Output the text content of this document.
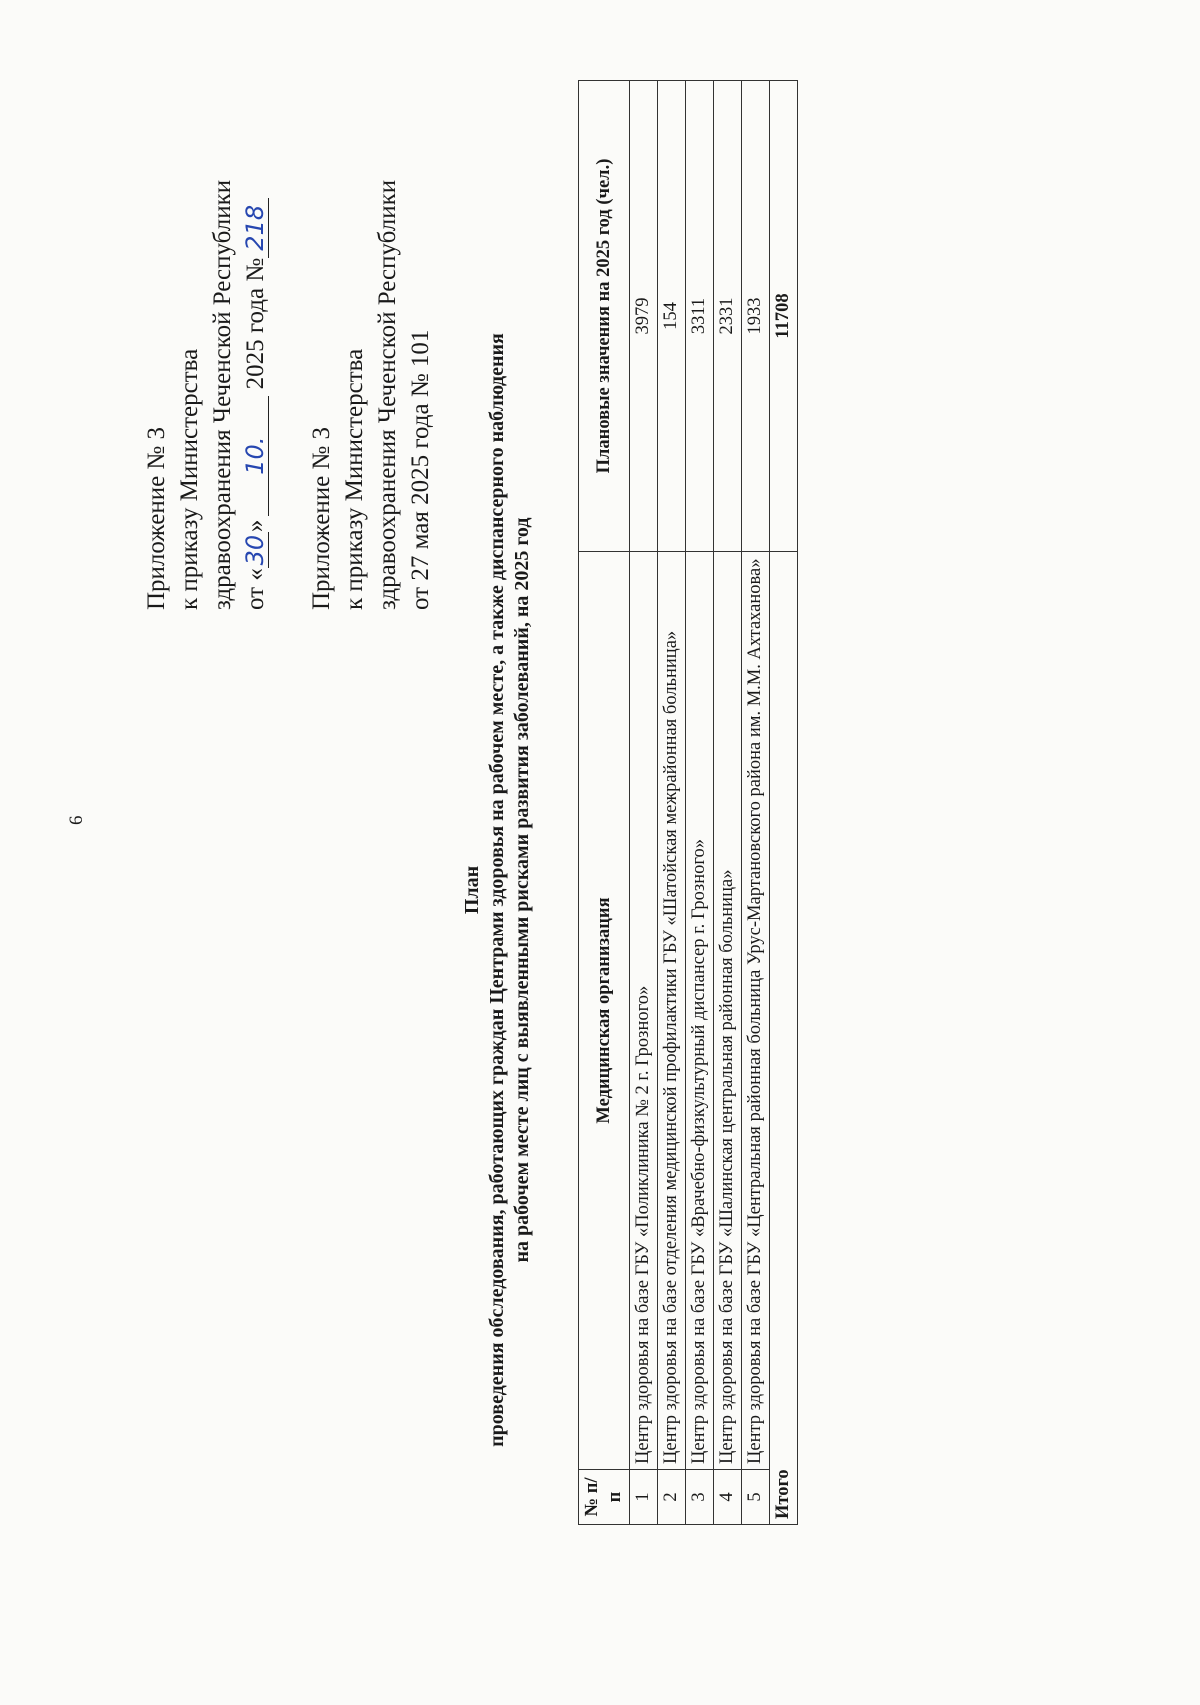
6

Приложение № 3 к приказу Министерства здравоохранения Чеченской Республики от «30»10. 2025 года №218

Приложение № 3 к приказу Министерства здравоохранения Чеченской Республики от 27 мая 2025 года № 101

План проведения обследования, работающих граждан Центрами здоровья на рабочем месте, а также диспансерного наблюдения на рабочем месте лиц с выявленными рисками развития заболеваний, на 2025 год

№ п/п	Медицинская организация	Плановые значения на 2025 год (чел.)
1	Центр здоровья на базе ГБУ «Поликлиника № 2 г. Грозного»	3979
2	Центр здоровья на базе отделения медицинской профилактики ГБУ «Шатойская межрайонная больница»	154
3	Центр здоровья на базе ГБУ «Врачебно-физкультурный диспансер г. Грозного»	3311
4	Центр здоровья на базе ГБУ «Шалинская центральная районная больница»	2331
5	Центр здоровья на базе ГБУ «Центральная районная больница Урус-Мартановского района им. М.М. Ахтаханова»	1933
Итого		11708
